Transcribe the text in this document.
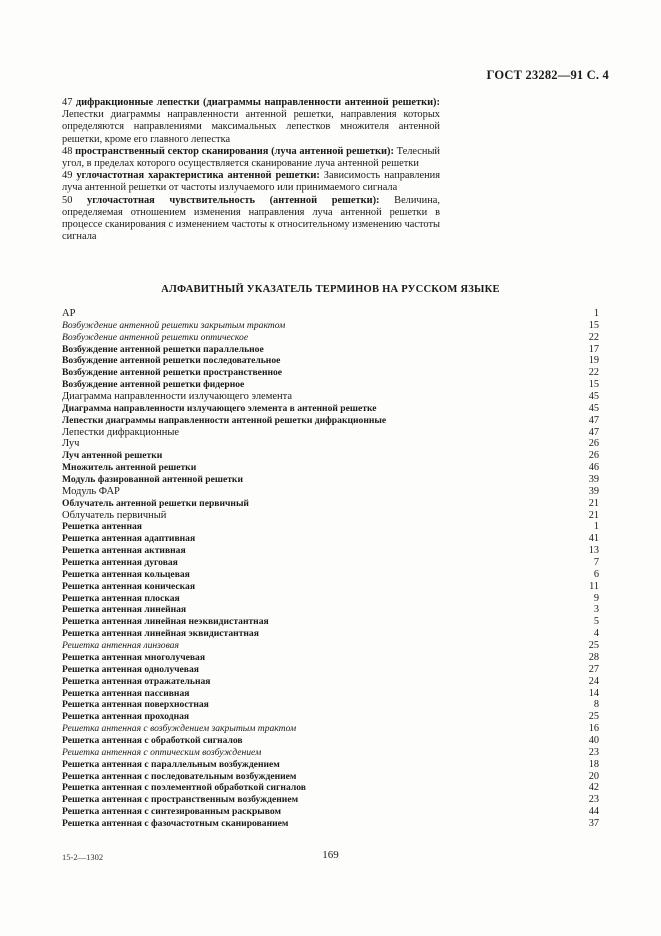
ГОСТ 23282—91 С. 4

47 дифракционные лепестки (диаграммы направленности антенной решетки): Лепестки диаграммы направленности антенной решетки, направления которых определяются направлениями максимальных лепестков множителя антенной решетки, кроме его главного лепестка

48 пространственный сектор сканирования (луча антенной решетки): Телесный угол, в пределах которого осуществляется сканирование луча антенной решетки

49 углочастотная характеристика антенной решетки: Зависимость направления луча антенной решетки от частоты излучаемого или принимаемого сигнала

50 углочастотная чувствительность (антенной решетки): Величина, определяемая отношением изменения направления луча антенной решетки в процессе сканирования с изменением частоты к относительному изменению частоты сигнала

АЛФАВИТНЫЙ УКАЗАТЕЛЬ ТЕРМИНОВ НА РУССКОМ ЯЗЫКЕ
АР	1
Возбуждение антенной решетки закрытым трактом	15
Возбуждение антенной решетки оптическое	22
Возбуждение антенной решетки параллельное	17
Возбуждение антенной решетки последовательное	19
Возбуждение антенной решетки пространственное	22
Возбуждение антенной решетки фидерное	15
Диаграмма направленности излучающего элемента	45
Диаграмма направленности излучающего элемента в антенной решетке	45
Лепестки диаграммы направленности антенной решетки дифракционные	47
Лепестки дифракционные	47
Луч	26
Луч антенной решетки	26
Множитель антенной решетки	46
Модуль фазированной антенной решетки	39
Модуль ФАР	39
Облучатель антенной решетки первичный	21
Облучатель первичный	21
Решетка антенная	1
Решетка антенная адаптивная	41
Решетка антенная активная	13
Решетка антенная дуговая	7
Решетка антенная кольцевая	6
Решетка антенная коническая	11
Решетка антенная плоская	9
Решетка антенная линейная	3
Решетка антенная линейная неэквидистантная	5
Решетка антенная линейная эквидистантная	4
Решетка антенная линзовая	25
Решетка антенная многолучевая	28
Решетка антенная однолучевая	27
Решетка антенная отражательная	24
Решетка антенная пассивная	14
Решетка антенная поверхностная	8
Решетка антенная проходная	25
Решетка антенная с возбуждением закрытым трактом	16
Решетка антенная с обработкой сигналов	40
Решетка антенная с оптическим возбуждением	23
Решетка антенная с параллельным возбуждением	18
Решетка антенная с последовательным возбуждением	20
Решетка антенная с поэлементной обработкой сигналов	42
Решетка антенная с пространственным возбуждением	23
Решетка антенная с синтезированным раскрывом	44
Решетка антенная с фазочастотным сканированием	37
15-2—1302	169
